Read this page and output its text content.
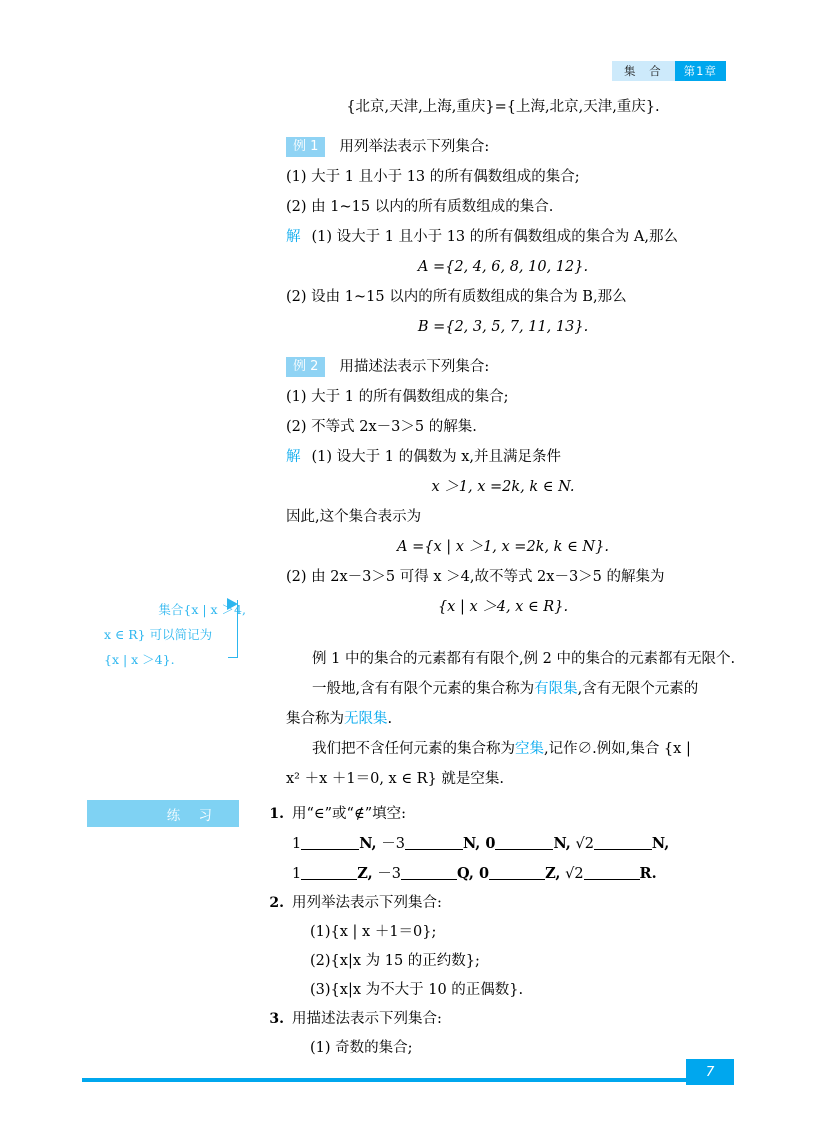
集 合	第1章
{北京,天津,上海,重庆}={上海,北京,天津,重庆}.
例 1 用列举法表示下列集合:
(1) 大于 1 且小于 13 的所有偶数组成的集合;
(2) 由 1~15 以内的所有质数组成的集合.
解 (1) 设大于 1 且小于 13 的所有偶数组成的集合为 A,那么
A ={2, 4, 6, 8, 10, 12}.
(2) 设由 1~15 以内的所有质数组成的集合为 B,那么
B ={2, 3, 5, 7, 11, 13}.
例 2 用描述法表示下列集合:
(1) 大于 1 的所有偶数组成的集合;
(2) 不等式 2x－3＞5 的解集.
解 (1) 设大于 1 的偶数为 x,并且满足条件
x ＞1, x =2k, k ∈ N.
因此,这个集合表示为
A ={x | x ＞1, x =2k, k ∈ N}.
(2) 由 2x－3＞5 可得 x ＞4,故不等式 2x－3＞5 的解集为
{x | x ＞4, x ∈ R}.
例 1 中的集合的元素都有有限个,例 2 中的集合的元素都有无限个.
一般地,含有有限个元素的集合称为有限集,含有无限个元素的
集合称为无限集.
我们把不含任何元素的集合称为空集,记作∅.例如,集合 {x |
x² ＋x ＋1＝0, x ∈ R} 就是空集.
集合{x | x ＞4,
x ∈ R} 可以简记为
{x | x ＞4}.
练 习	1. 用“∈”或“∉”填空:
1	N, －3	N, 0	N, √2	N,
1	Z, －3	Q, 0	Z, √2	R.
2. 用列举法表示下列集合:
(1){x | x ＋1＝0};
(2){x|x 为 15 的正约数};
(3){x|x 为不大于 10 的正偶数}.
3. 用描述法表示下列集合:
(1) 奇数的集合;
7
